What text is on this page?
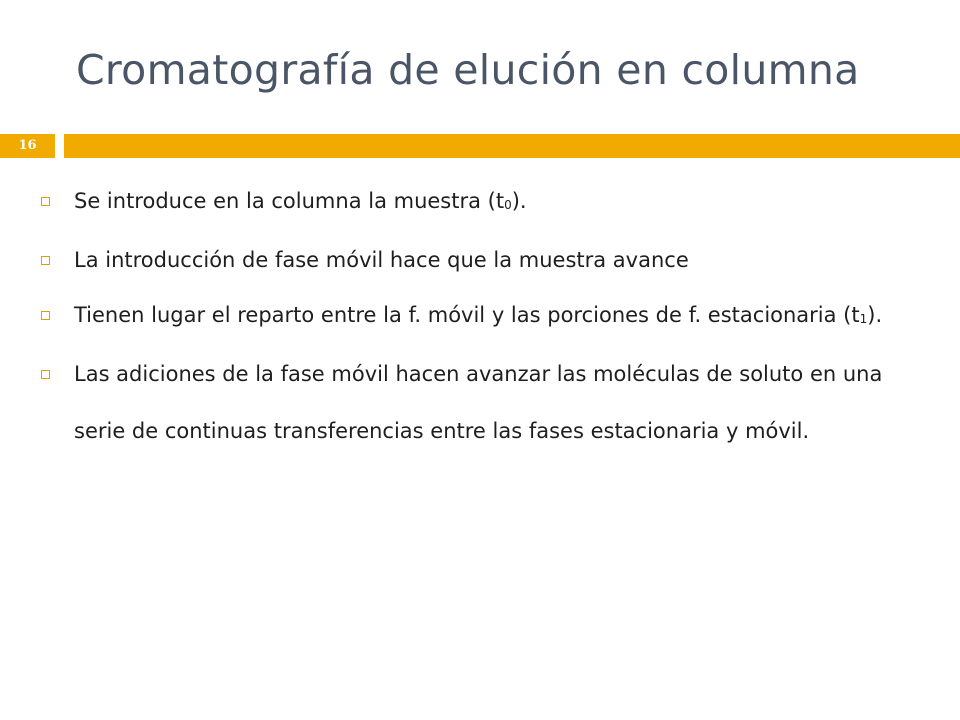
Cromatografía de elución en columna
16
Se introduce en la columna la muestra $(t_0)$.
La introducción de fase móvil hace que la muestra avance
Tienen lugar el reparto entre la f. móvil y las porciones de f. estacionaria $(t_1)$.
Las adiciones de la fase móvil hacen avanzar las moléculas de soluto en una serie de continuas transferencias entre las fases estacionaria y móvil.
